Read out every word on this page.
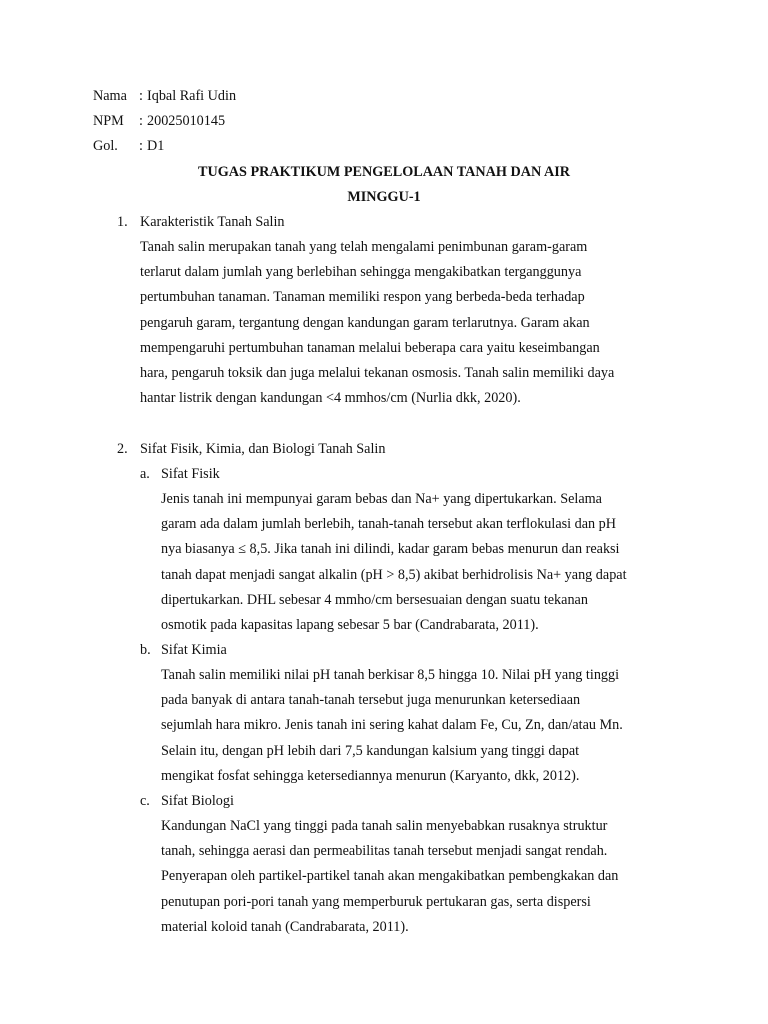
Nama : Iqbal Rafi Udin
NPM	: 20025010145
Gol.	: D1
TUGAS PRAKTIKUM PENGELOLAAN TANAH DAN AIR
MINGGU-1
1. Karakteristik Tanah Salin

Tanah salin merupakan tanah yang telah mengalami penimbunan garam-garam

terlarut dalam jumlah yang berlebihan sehingga mengakibatkan terganggunya

pertumbuhan tanaman. Tanaman memiliki respon yang berbeda-beda terhadap

pengaruh garam, tergantung dengan kandungan garam terlarutnya. Garam akan

mempengaruhi pertumbuhan tanaman melalui beberapa cara yaitu keseimbangan

hara, pengaruh toksik dan juga melalui tekanan osmosis. Tanah salin memiliki daya

hantar listrik dengan kandungan <4 mmhos/cm (Nurlia dkk, 2020).

2. Sifat Fisik, Kimia, dan Biologi Tanah Salin
a. Sifat Fisik

Jenis tanah ini mempunyai garam bebas dan Na+ yang dipertukarkan. Selama

garam ada dalam jumlah berlebih, tanah-tanah tersebut akan terflokulasi dan pH

nya biasanya ≤ 8,5. Jika tanah ini dilindi, kadar garam bebas menurun dan reaksi

tanah dapat menjadi sangat alkalin (pH > 8,5) akibat berhidrolisis Na+ yang dapat

dipertukarkan. DHL sebesar 4 mmho/cm bersesuaian dengan suatu tekanan

osmotik pada kapasitas lapang sebesar 5 bar (Candrabarata, 2011).

b. Sifat Kimia

Tanah salin memiliki nilai pH tanah berkisar 8,5 hingga 10. Nilai pH yang tinggi

pada banyak di antara tanah-tanah tersebut juga menurunkan ketersediaan

sejumlah hara mikro. Jenis tanah ini sering kahat dalam Fe, Cu, Zn, dan/atau Mn.

Selain itu, dengan pH lebih dari 7,5 kandungan kalsium yang tinggi dapat

mengikat fosfat sehingga ketersediannya menurun (Karyanto, dkk, 2012).

c. Sifat Biologi

Kandungan NaCl yang tinggi pada tanah salin menyebabkan rusaknya struktur

tanah, sehingga aerasi dan permeabilitas tanah tersebut menjadi sangat rendah.

Penyerapan oleh partikel-partikel tanah akan mengakibatkan pembengkakan dan

penutupan pori-pori tanah yang memperburuk pertukaran gas, serta dispersi

material koloid tanah (Candrabarata, 2011).
